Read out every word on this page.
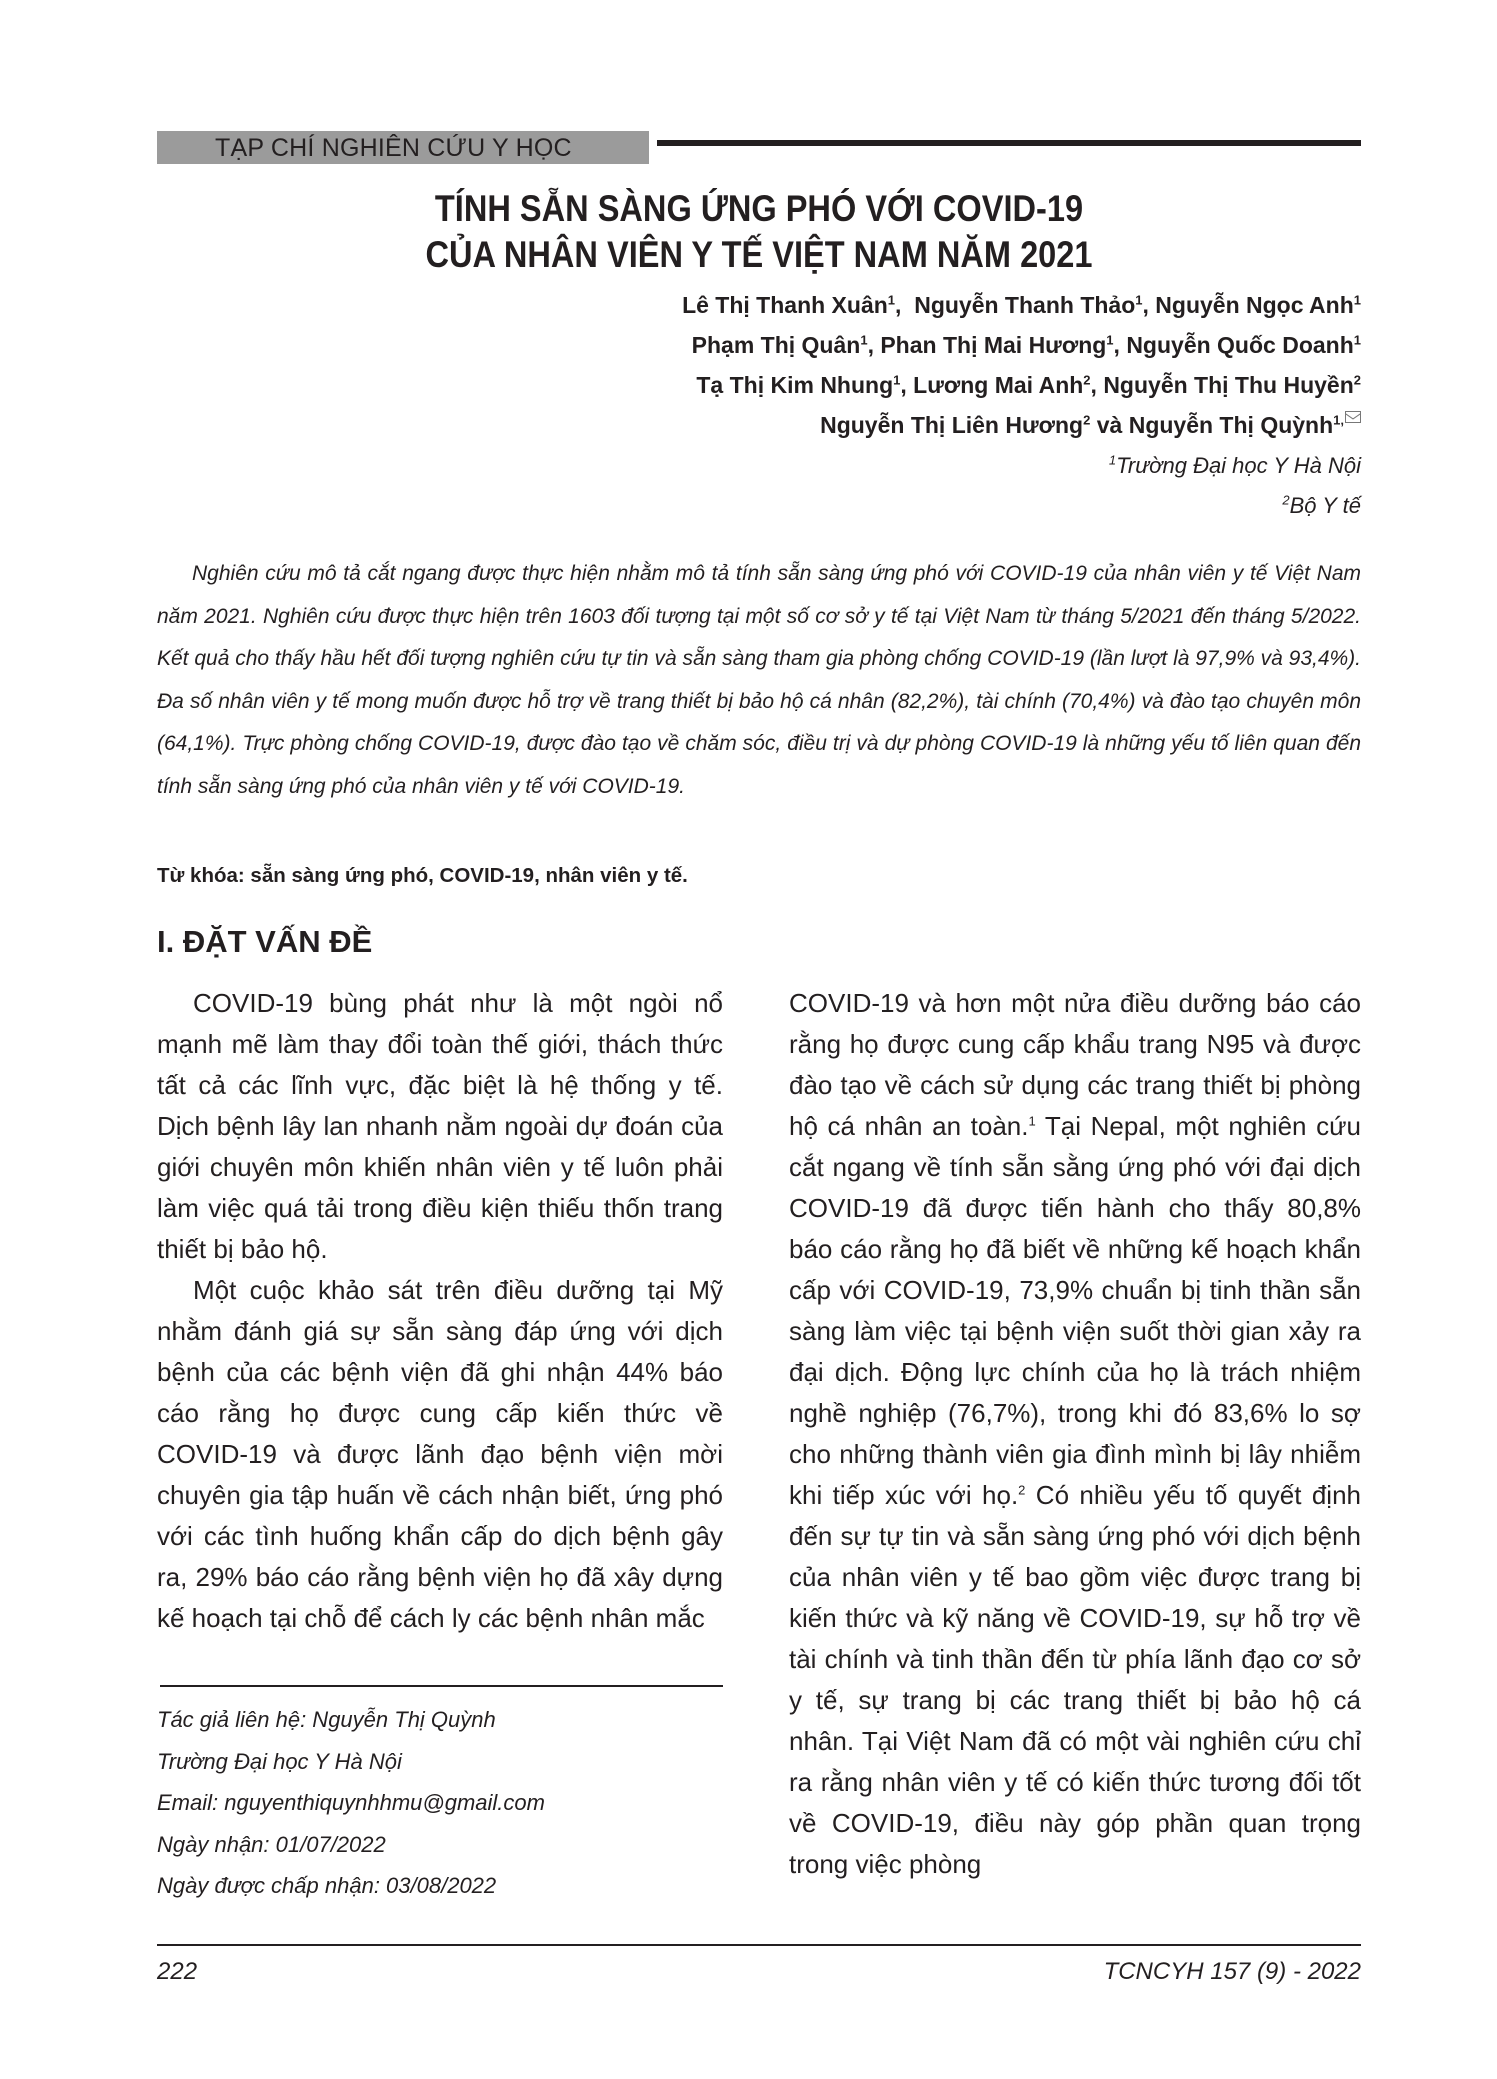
TẠP CHÍ NGHIÊN CỨU Y HỌC
TÍNH SẴN SÀNG ỨNG PHÓ VỚI COVID-19
CỦA NHÂN VIÊN Y TẾ VIỆT NAM NĂM 2021
Lê Thị Thanh Xuân$^1$,  Nguyễn Thanh Thảo$^1$, Nguyễn Ngọc Anh$^1$
Phạm Thị Quân$^1$, Phan Thị Mai Hương$^1$, Nguyễn Quốc Doanh$^1$
Tạ Thị Kim Nhung$^1$, Lương Mai Anh$^2$, Nguyễn Thị Thu Huyền$^2$
Nguyễn Thị Liên Hương$^2$ và Nguyễn Thị Quỳnh$^{1,}$
$^1$Trường Đại học Y Hà Nội
$^2$Bộ Y tế
Nghiên cứu mô tả cắt ngang được thực hiện nhằm mô tả tính sẵn sàng ứng phó với COVID-19 của nhân viên y tế Việt Nam năm 2021. Nghiên cứu được thực hiện trên 1603 đối tượng tại một số cơ sở y tế tại Việt Nam từ tháng 5/2021 đến tháng 5/2022. Kết quả cho thấy hầu hết đối tượng nghiên cứu tự tin và sẵn sàng tham gia phòng chống COVID-19 (lần lượt là 97,9% và 93,4%). Đa số nhân viên y tế mong muốn được hỗ trợ về trang thiết bị bảo hộ cá nhân (82,2%), tài chính (70,4%) và đào tạo chuyên môn (64,1%). Trực phòng chống COVID-19, được đào tạo về chăm sóc, điều trị và dự phòng COVID-19 là những yếu tố liên quan đến tính sẵn sàng ứng phó của nhân viên y tế với COVID-19.
Từ khóa: sẵn sàng ứng phó, COVID-19, nhân viên y tế.
I. ĐẶT VẤN ĐỀ

COVID-19 bùng phát như là một ngòi nổ mạnh mẽ làm thay đổi toàn thế giới, thách thức tất cả các lĩnh vực, đặc biệt là hệ thống y tế. Dịch bệnh lây lan nhanh nằm ngoài dự đoán của giới chuyên môn khiến nhân viên y tế luôn phải làm việc quá tải trong điều kiện thiếu thốn trang thiết bị bảo hộ.

Một cuộc khảo sát trên điều dưỡng tại Mỹ nhằm đánh giá sự sẵn sàng đáp ứng với dịch bệnh của các bệnh viện đã ghi nhận 44% báo cáo rằng họ được cung cấp kiến thức về COVID-19 và được lãnh đạo bệnh viện mời chuyên gia tập huấn về cách nhận biết, ứng phó với các tình huống khẩn cấp do dịch bệnh gây ra, 29% báo cáo rằng bệnh viện họ đã xây dựng kế hoạch tại chỗ để cách ly các bệnh nhân mắc

COVID-19 và hơn một nửa điều dưỡng báo cáo rằng họ được cung cấp khẩu trang N95 và được đào tạo về cách sử dụng các trang thiết bị phòng hộ cá nhân an toàn.$^1$ Tại Nepal, một nghiên cứu cắt ngang về tính sẵn sằng ứng phó với đại dịch COVID-19 đã được tiến hành cho thấy 80,8% báo cáo rằng họ đã biết về những kế hoạch khẩn cấp với COVID-19, 73,9% chuẩn bị tinh thần sẵn sàng làm việc tại bệnh viện suốt thời gian xảy ra đại dịch. Động lực chính của họ là trách nhiệm nghề nghiệp (76,7%), trong khi đó 83,6% lo sợ cho những thành viên gia đình mình bị lây nhiễm khi tiếp xúc với họ.$^2$ Có nhiều yếu tố quyết định đến sự tự tin và sẵn sàng ứng phó với dịch bệnh của nhân viên y tế bao gồm việc được trang bị kiến thức và kỹ năng về COVID-19, sự hỗ trợ về tài chính và tinh thần đến từ phía lãnh đạo cơ sở y tế, sự trang bị các trang thiết bị bảo hộ cá nhân. Tại Việt Nam đã có một vài nghiên cứu chỉ ra rằng nhân viên y tế có kiến thức tương đối tốt về COVID-19, điều này góp phần quan trọng trong việc phòng

Tác giả liên hệ: Nguyễn Thị Quỳnh
Trường Đại học Y Hà Nội
Email: nguyenthiquynhhmu@gmail.com
Ngày nhận: 01/07/2022
Ngày được chấp nhận: 03/08/2022
222	TCNCYH 157 (9) - 2022
